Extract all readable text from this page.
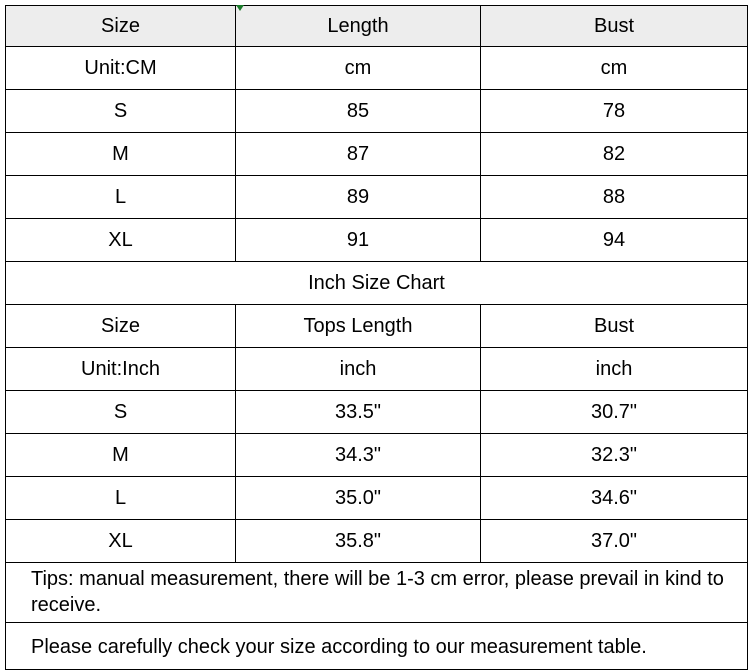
Size	Length	Bust
Unit:CM	cm	cm
S	85	78
M	87	82
L	89	88
XL	91	94
Inch Size Chart		
Size	Tops Length	Bust
Unit:Inch	inch	inch
S	33.5"	30.7"
M	34.3"	32.3"
L	35.0"	34.6"
XL	35.8"	37.0"
Tips: manual measurement, there will be 1-3 cm error, please prevail in kind to receive.		
Please carefully check your size according to our measurement table.		
